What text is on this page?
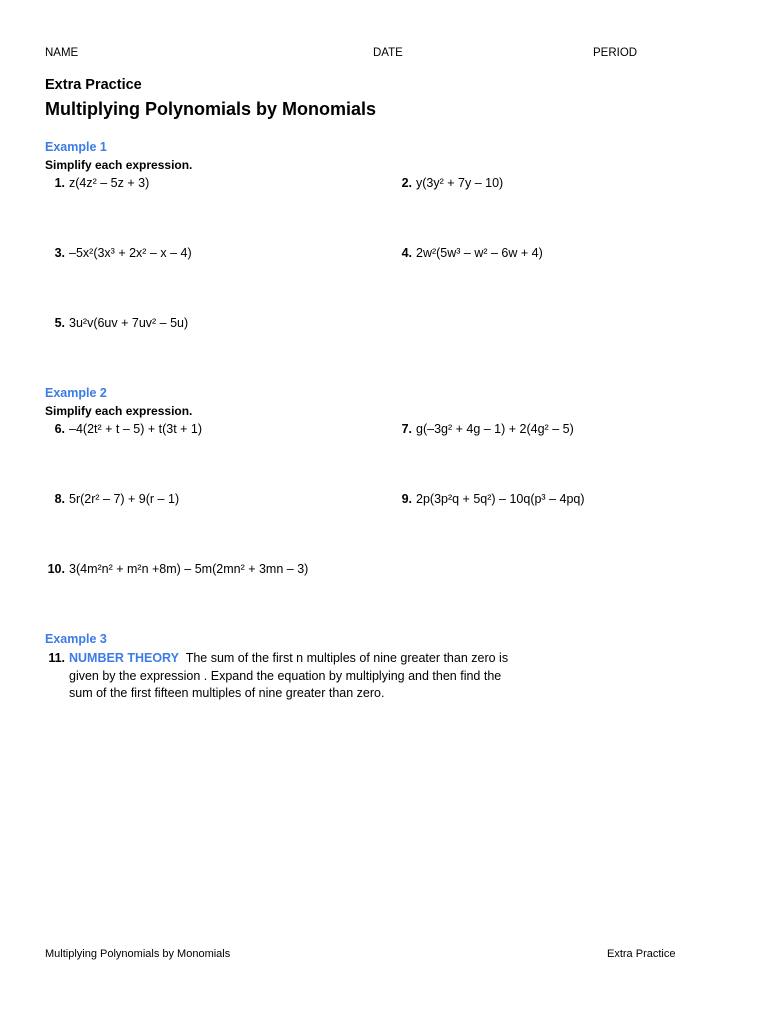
NAME	DATE	PERIOD
Extra Practice
Multiplying Polynomials by Monomials
Example 1
Simplify each expression.
1. z(4z² – 5z + 3)	2. y(3y² + 7y – 10)
3. –5x²(3x³ + 2x² – x – 4)	4. 2w²(5w³ – w² – 6w + 4)
5. 3u²v(6uv + 7uv² – 5u)
Example 2
Simplify each expression.
6. –4(2t² + t – 5) + t(3t + 1)	7. g(–3g² + 4g – 1) + 2(4g² – 5)
8. 5r(2r² – 7) + 9(r – 1)	9. 2p(3p²q + 5q²) – 10q(p³ – 4pq)
10. 3(4m²n² + m²n +8m) – 5m(2mn² + 3mn – 3)
Example 3
11. NUMBER THEORY The sum of the first n multiples of nine greater than zero is given by the expression . Expand the equation by multiplying and then find the sum of the first fifteen multiples of nine greater than zero.
Multiplying Polynomials by Monomials	Extra Practice
